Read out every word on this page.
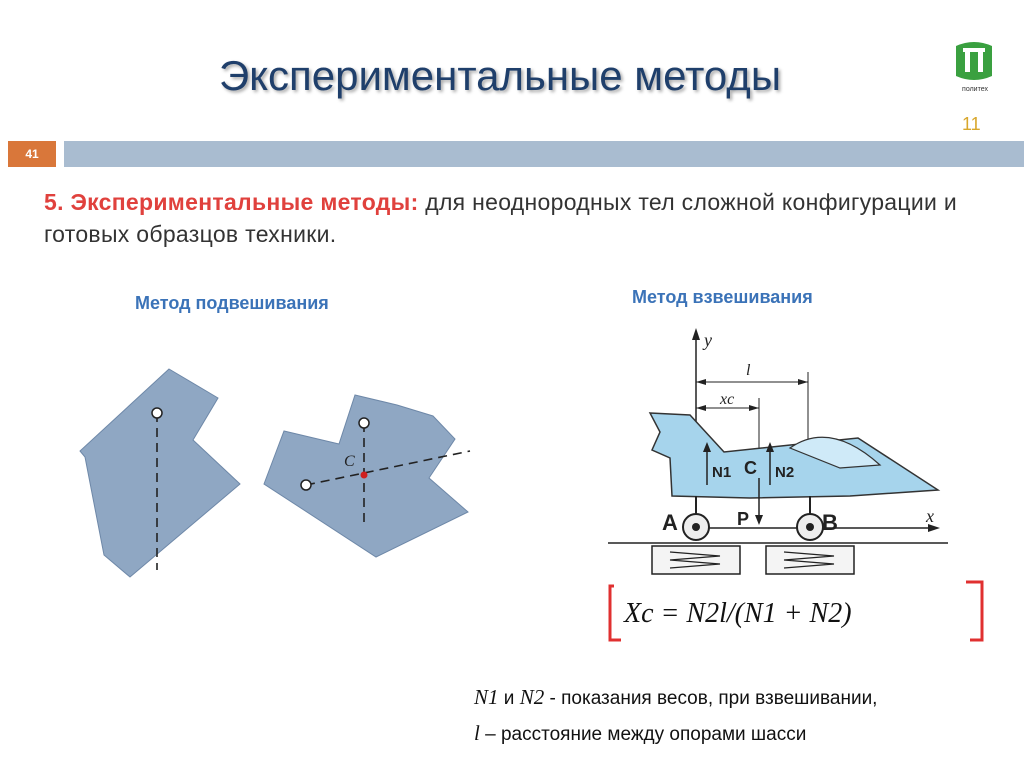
Экспериментальные методы	политех
11
41
5. Экспериментальные методы: для неоднородных тел сложной конфигурации и готовых образцов техники.
Метод подвешивания
C
Метод взвешивания
y
x
l
xc
N1 C N2
P
A	B
Xc = N2l/(N1 + N2)
N1 и N2 - показания весов, при взвешивании,
l – расстояние между опорами шасси
